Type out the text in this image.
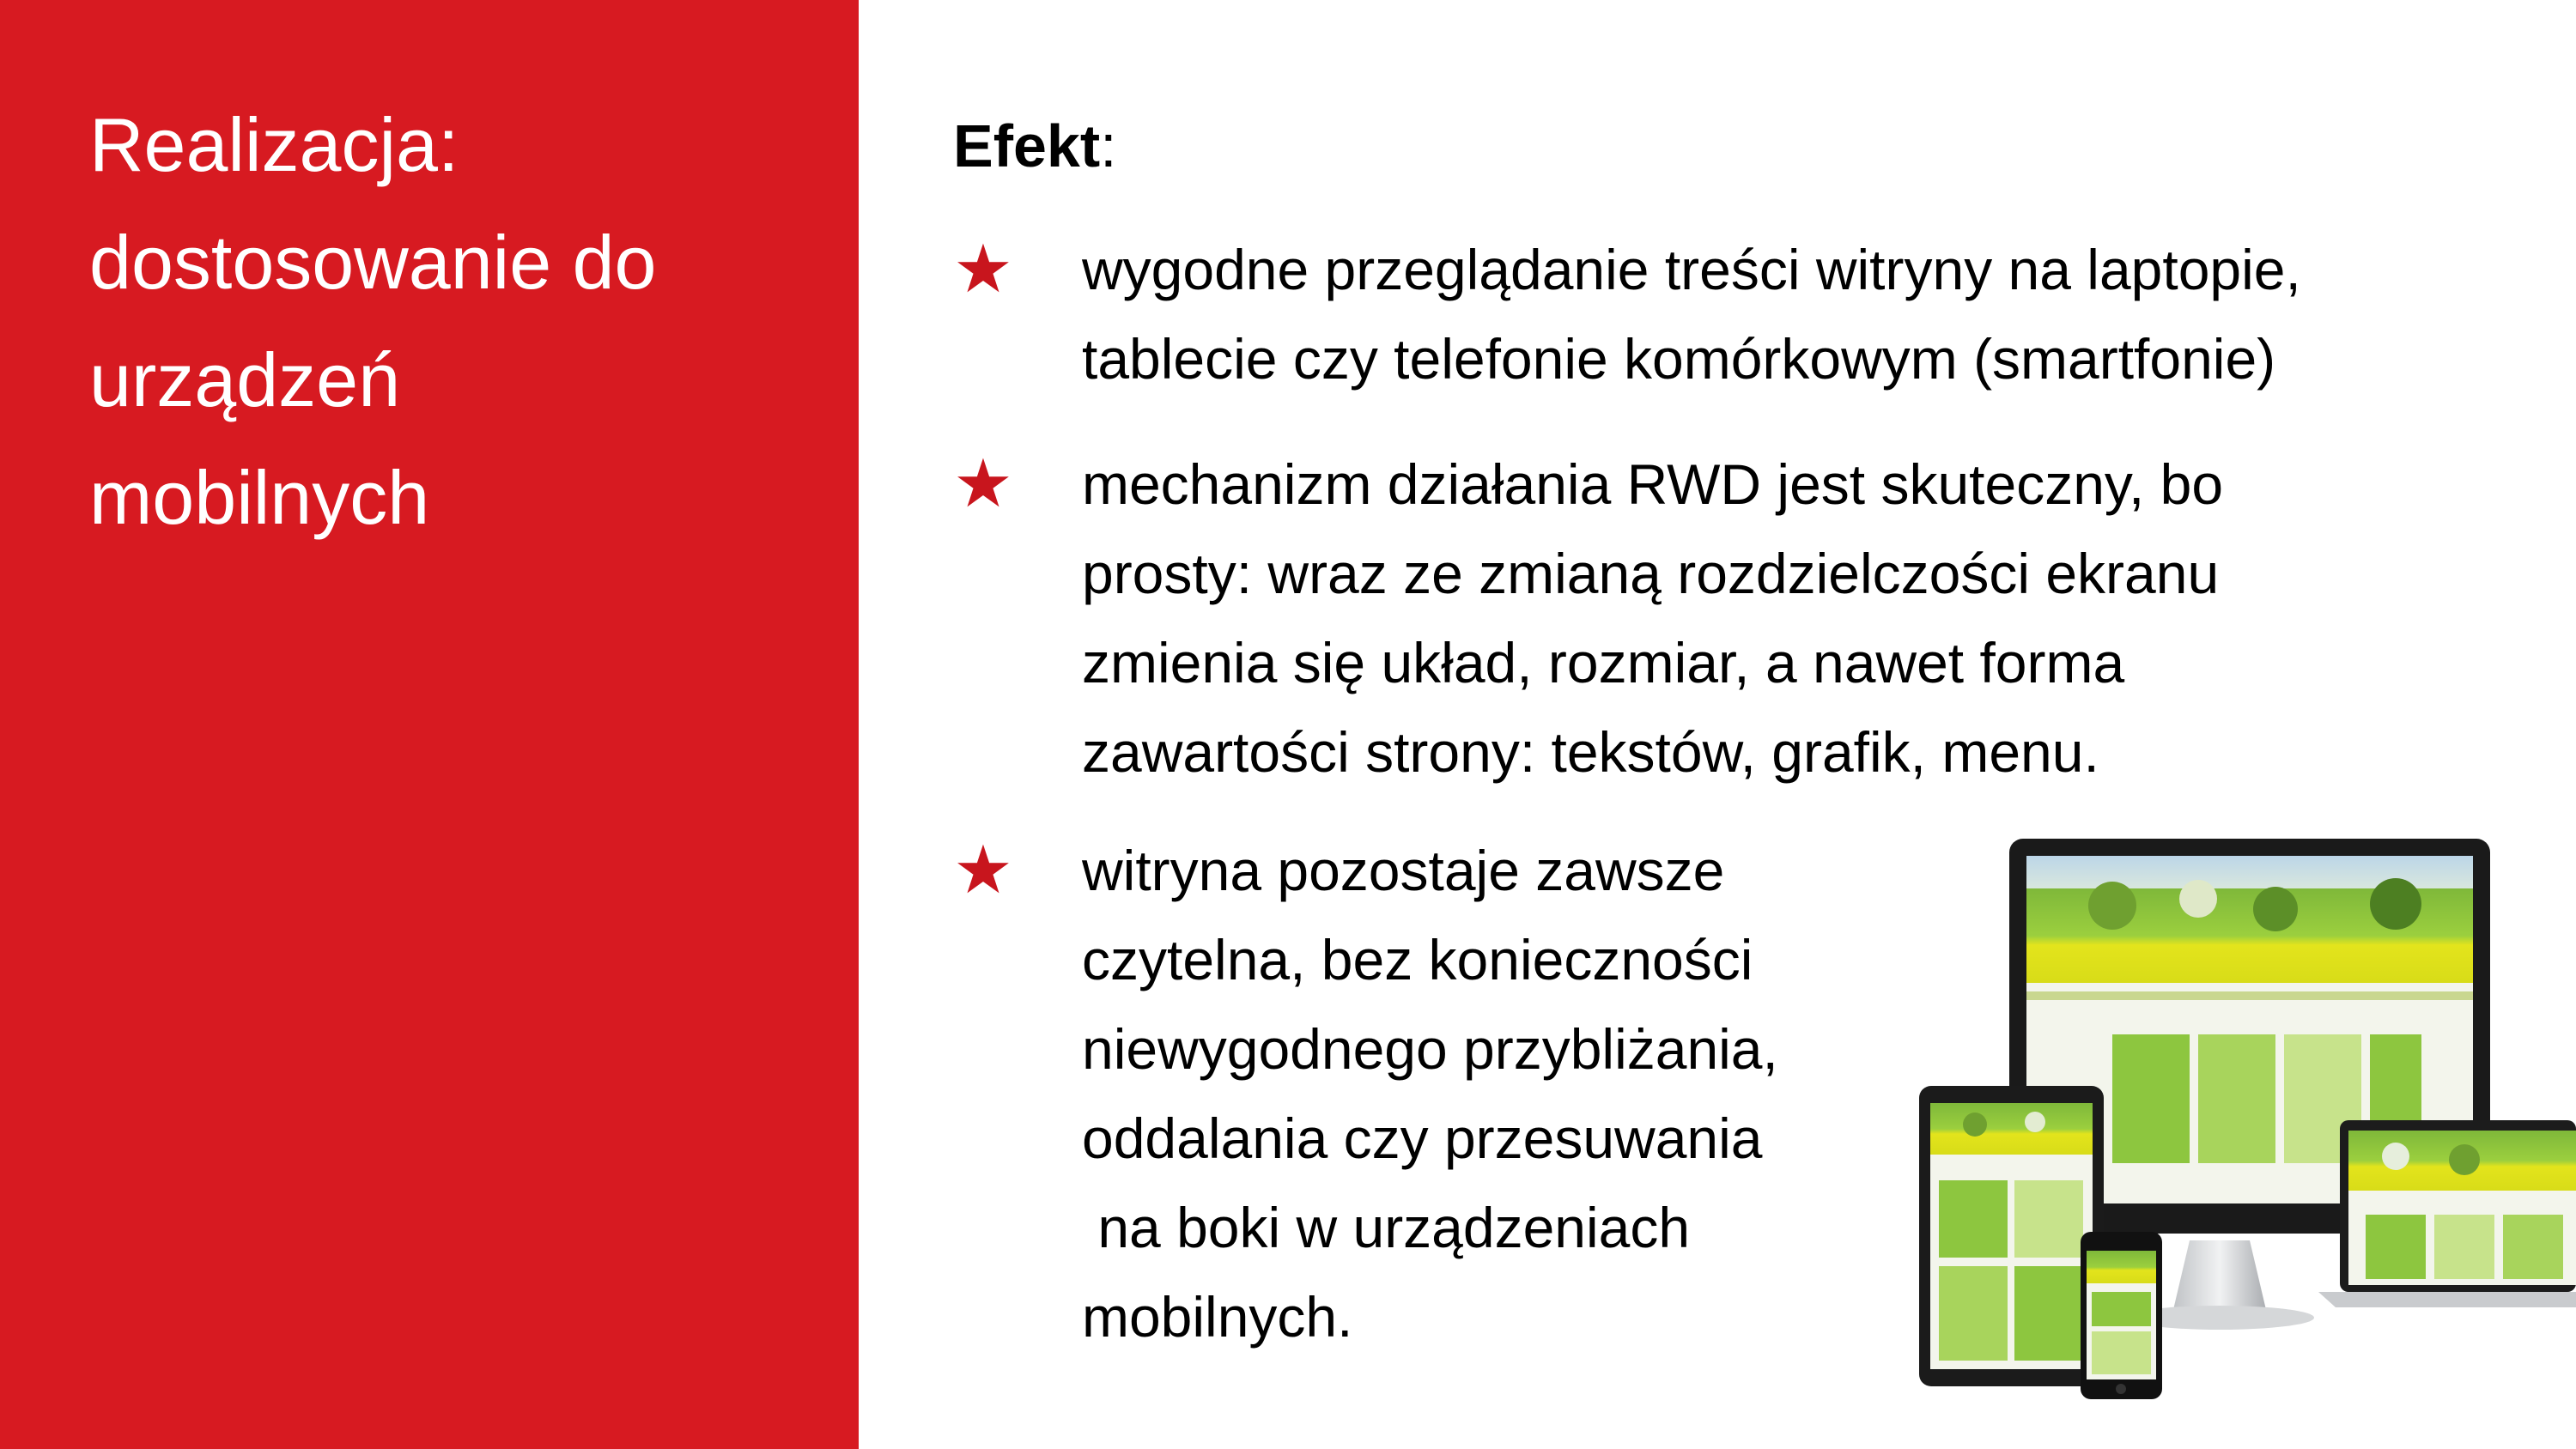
Realizacja:
dostosowanie do
urządzeń
mobilnych
Efekt:
★ wygodne przeglądanie treści witryny na laptopie,
tablecie czy telefonie komórkowym (smartfonie)
★ mechanizm działania RWD jest skuteczny, bo
prosty: wraz ze zmianą rozdzielczości ekranu
zmienia się układ, rozmiar, a nawet forma
zawartości strony: tekstów, grafik, menu.
★ witryna pozostaje zawsze
czytelna, bez konieczności
niewygodnego przybliżania,
oddalania czy przesuwania
na boki w urządzeniach
mobilnych.
